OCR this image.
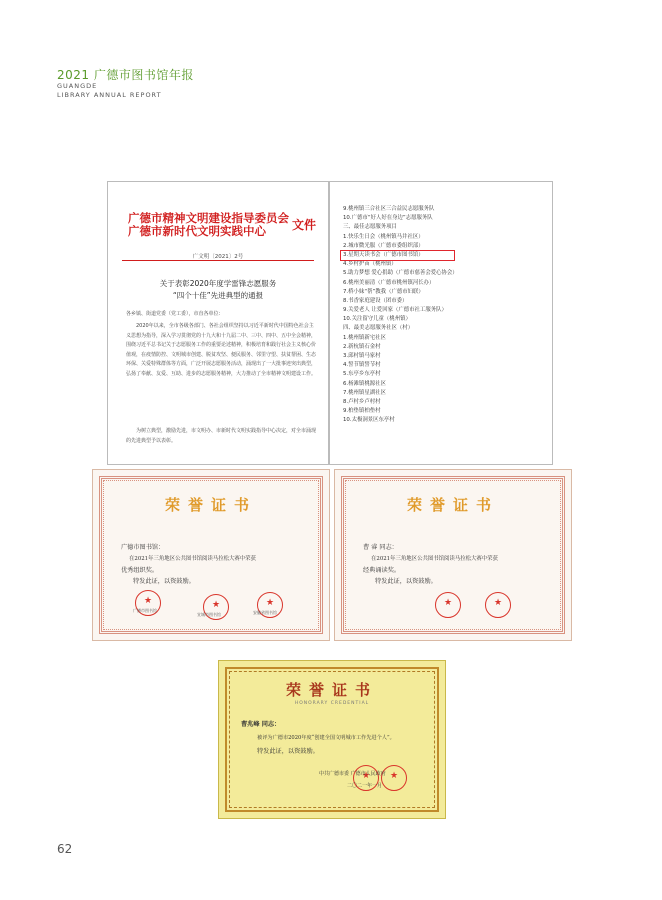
2021 广德市图书馆年报
GUANGDE
LIBRARY ANNUAL REPORT
广德市精神文明建设指导委员会
广德市新时代文明实践中心	文件
广文明〔2021〕2号
关于表彰2020年度学雷锋志愿服务
“四个十佳”先进典型的通报
各乡镇、街道党委（党工委），市直各单位：
2020年以来，全市各级各部门、各社会组织坚持以习近平新时代中国特色社会主义思想为指导，深入学习贯彻党的十九大和十九届二中、三中、四中、五中全会精神，围绕习近平总书记关于志愿服务工作的重要论述精神，积极培育和践行社会主义核心价值观，在疫情防控、文明城市创建、脱贫攻坚、便民服务、邻里守望、扶贫帮困、生态环保、关爱特殊群体等方面，广泛开展志愿服务活动，涌现出了一大批事迹突出典型，弘扬了奉献、友爱、互助、进步的志愿服务精神，大力推动了全市精神文明建设工作。
为树立典型，激励先进，市文明办、市新时代文明实践指导中心决定，对全市涌现的先进典型予以表彰。
9.桃州镇三合社区三合益民志愿服务队
10.广德市“好人好在身边”志愿服务队
三、最佳志愿服务项目
1.快乐生日会（桃州镇马井社区）
2.城市微光服（广德市委组织部）
3.星期天读书会（广德市图书馆）
4.乡村护苗（桃州镇）
5.助力梦想 爱心捐助（广德市慈善会爱心协会）
6.桃州美丽清（广德市桃州镇河长办）
7.桥小妹“帮”教我（广德市妇联）
8.书香家庭建设（团市委）
9.关爱老人 让爱回家（广德市社工服务队）
10.关注留守儿童（桃州镇）
四、最美志愿服务社区（村）
1.桃州镇新宅社区
2.新杭镇石金村
3.邱村镇马家村
4.誓节镇誓节村
5.东亭乡东亭村
6.杨滩镇桃源社区
7.桃州镇星湖社区
8.卢村乡卢村村
9.柏垫镇柏垫村
10.太极洞景区东亭村
荣誉证书
广德市图书馆：
在2021年三角地区公共图书馆阅读马拉松大赛中荣获
优秀组织奖。
特发此证，以资鼓励。
★
★
★
广德市图书馆
宣城市图书馆	安徽省图书馆
荣誉证书
曹 睿 同志：
在2021年三角地区公共图书馆阅读马拉松大赛中荣获
经典诵读奖。
特发此证，以资鼓励。
★
★
荣誉证书
HONORARY CREDENTIAL
曹兆峰 同志：
被评为广德市2020年度“创建全国文明城市工作先进个人”。
特发此证，以资鼓励。
★
★
中共广德市委 广德市人民政府
二〇二一年一月
62
